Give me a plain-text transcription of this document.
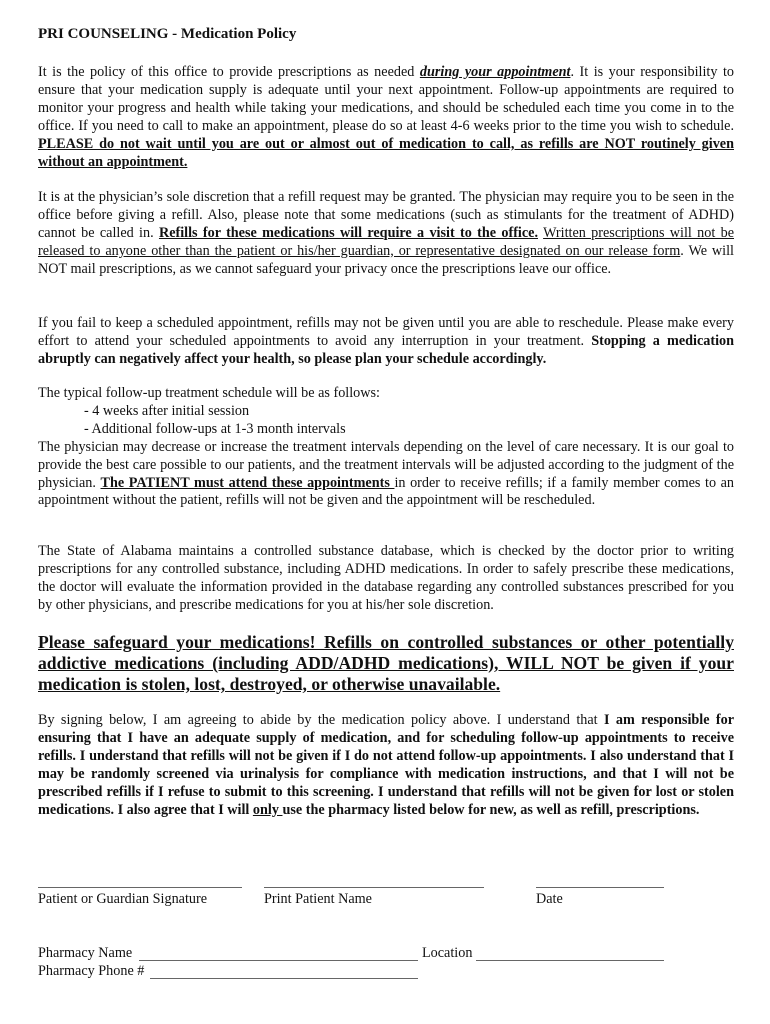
PRI COUNSELING - Medication Policy

It is the policy of this office to provide prescriptions as needed during your appointment. It is your responsibility to ensure that your medication supply is adequate until your next appointment. Follow-up appointments are required to monitor your progress and health while taking your medications, and should be scheduled each time you come in to the office. If you need to call to make an appointment, please do so at least 4-6 weeks prior to the time you wish to schedule. PLEASE do not wait until you are out or almost out of medication to call, as refills are NOT routinely given without an appointment.

It is at the physician’s sole discretion that a refill request may be granted. The physician may require you to be seen in the office before giving a refill. Also, please note that some medications (such as stimulants for the treatment of ADHD) cannot be called in. Refills for these medications will require a visit to the office. Written prescriptions will not be released to anyone other than the patient or his/her guardian, or representative designated on our release form. We will NOT mail prescriptions, as we cannot safeguard your privacy once the prescriptions leave our office.

If you fail to keep a scheduled appointment, refills may not be given until you are able to reschedule. Please make every effort to attend your scheduled appointments to avoid any interruption in your treatment. Stopping a medication abruptly can negatively affect your health, so please plan your schedule accordingly.

The typical follow-up treatment schedule will be as follows:
- 4 weeks after initial session
- Additional follow-ups at 1-3 month intervals
The physician may decrease or increase the treatment intervals depending on the level of care necessary. It is our goal to provide the best care possible to our patients, and the treatment intervals will be adjusted according to the judgment of the physician. The PATIENT must attend these appointments in order to receive refills; if a family member comes to an appointment without the patient, refills will not be given and the appointment will be rescheduled.

The State of Alabama maintains a controlled substance database, which is checked by the doctor prior to writing prescriptions for any controlled substance, including ADHD medications. In order to safely prescribe these medications, the doctor will evaluate the information provided in the database regarding any controlled substances prescribed for you by other physicians, and prescribe medications for you at his/her sole discretion.

Please safeguard your medications! Refills on controlled substances or other potentially addictive medications (including ADD/ADHD medications), WILL NOT be given if your medication is stolen, lost, destroyed, or otherwise unavailable.

By signing below, I am agreeing to abide by the medication policy above. I understand that I am responsible for ensuring that I have an adequate supply of medication, and for scheduling follow-up appointments to receive refills. I understand that refills will not be given if I do not attend follow-up appointments. I also understand that I may be randomly screened via urinalysis for compliance with medication instructions, and that I will not be prescribed refills if I refuse to submit to this screening. I understand that refills will not be given for lost or stolen medications. I also agree that I will only use the pharmacy listed below for new, as well as refill, prescriptions.

Patient or Guardian Signature	Print Patient Name	Date
Pharmacy Name	Location
Pharmacy Phone #
